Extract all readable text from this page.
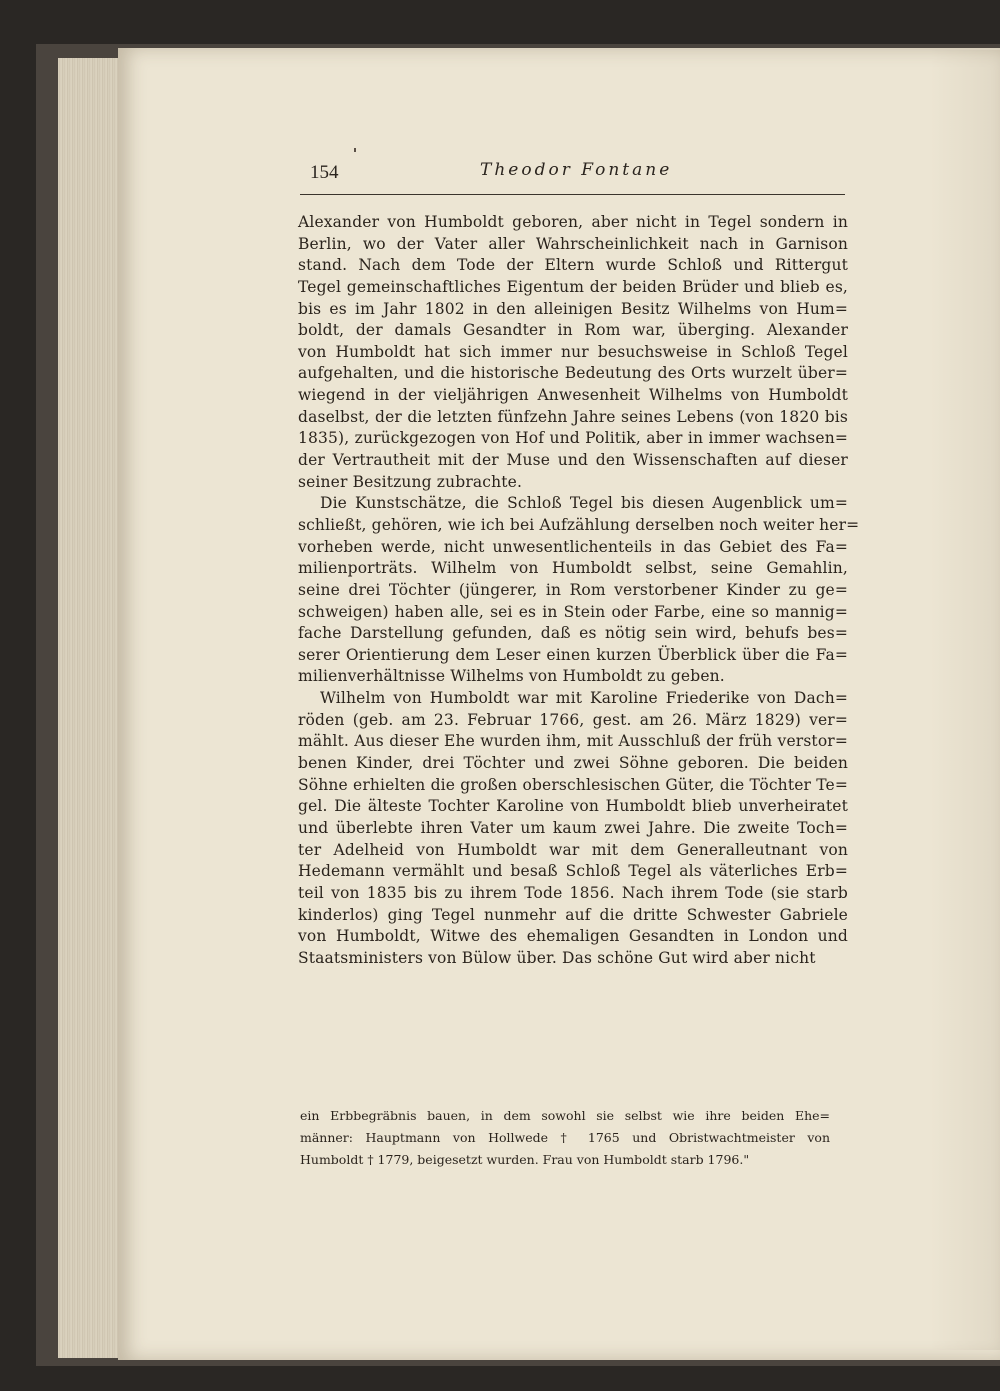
154	Theodor Fontane
Alexander von Humboldt geboren, aber nicht in Tegel sondern in
Berlin, wo der Vater aller Wahrscheinlichkeit nach in Garnison
stand. Nach dem Tode der Eltern wurde Schloß und Rittergut
Tegel gemeinschaftliches Eigentum der beiden Brüder und blieb es,
bis es im Jahr 1802 in den alleinigen Besitz Wilhelms von Hum=
boldt, der damals Gesandter in Rom war, überging. Alexander
von Humboldt hat sich immer nur besuchsweise in Schloß Tegel
aufgehalten, und die historische Bedeutung des Orts wurzelt über=
wiegend in der vieljährigen Anwesenheit Wilhelms von Humboldt
daselbst, der die letzten fünfzehn Jahre seines Lebens (von 1820 bis
1835), zurückgezogen von Hof und Politik, aber in immer wachsen=
der Vertrautheit mit der Muse und den Wissenschaften auf dieser
seiner Besitzung zubrachte.
Die Kunstschätze, die Schloß Tegel bis diesen Augenblick um=
schließt, gehören, wie ich bei Aufzählung derselben noch weiter her=
vorheben werde, nicht unwesentlichenteils in das Gebiet des Fa=
milienporträts. Wilhelm von Humboldt selbst, seine Gemahlin,
seine drei Töchter (jüngerer, in Rom verstorbener Kinder zu ge=
schweigen) haben alle, sei es in Stein oder Farbe, eine so mannig=
fache Darstellung gefunden, daß es nötig sein wird, behufs bes=
serer Orientierung dem Leser einen kurzen Überblick über die Fa=
milienverhältnisse Wilhelms von Humboldt zu geben.
Wilhelm von Humboldt war mit Karoline Friederike von Dach=
röden (geb. am 23. Februar 1766, gest. am 26. März 1829) ver=
mählt. Aus dieser Ehe wurden ihm, mit Ausschluß der früh verstor=
benen Kinder, drei Töchter und zwei Söhne geboren. Die beiden
Söhne erhielten die großen oberschlesischen Güter, die Töchter Te=
gel. Die älteste Tochter Karoline von Humboldt blieb unverheiratet
und überlebte ihren Vater um kaum zwei Jahre. Die zweite Toch=
ter Adelheid von Humboldt war mit dem Generalleutnant von
Hedemann vermählt und besaß Schloß Tegel als väterliches Erb=
teil von 1835 bis zu ihrem Tode 1856. Nach ihrem Tode (sie starb
kinderlos) ging Tegel nunmehr auf die dritte Schwester Gabriele
von Humboldt, Witwe des ehemaligen Gesandten in London und
Staatsministers von Bülow über. Das schöne Gut wird aber nicht
ein Erbbegräbnis bauen, in dem sowohl sie selbst wie ihre beiden Ehe=
männer: Hauptmann von Hollwede † 1765 und Obristwachtmeister von
Humboldt † 1779, beigesetzt wurden. Frau von Humboldt starb 1796."
